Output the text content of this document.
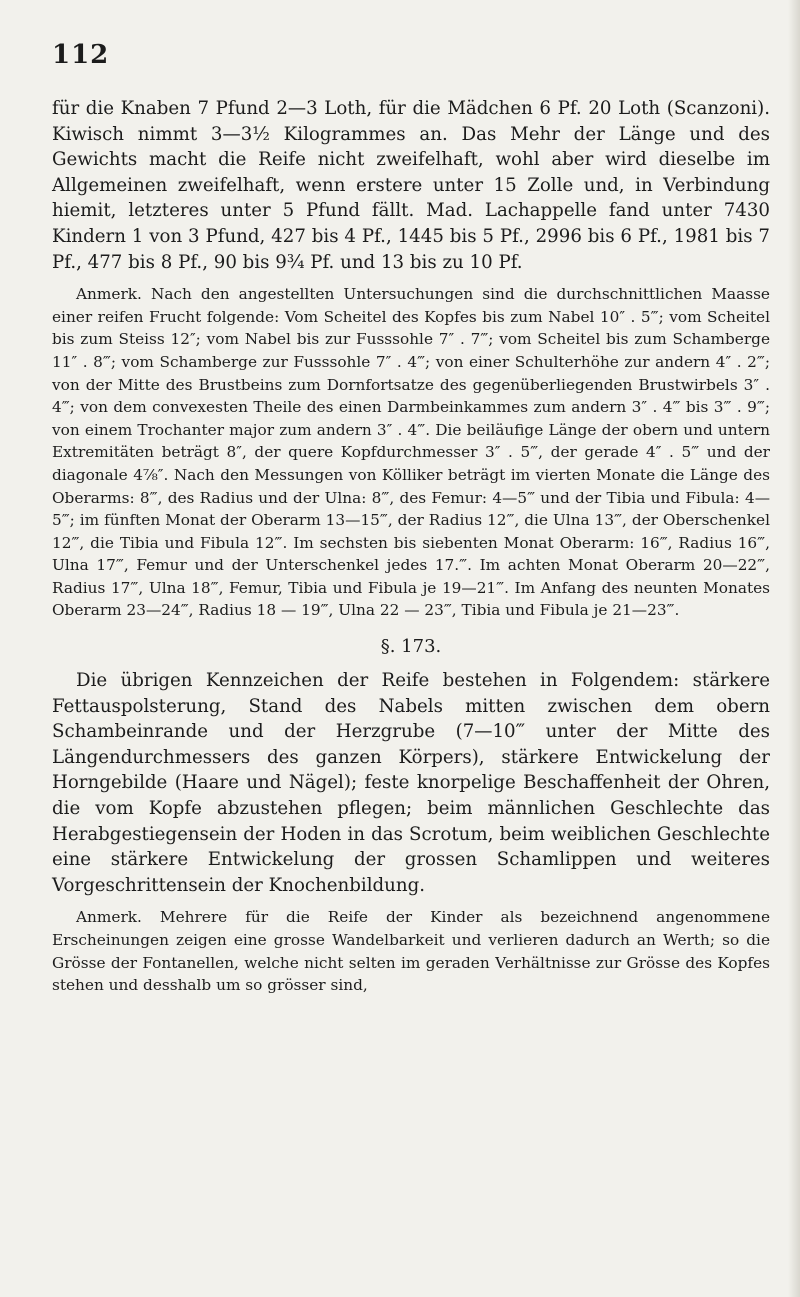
112

für die Knaben 7 Pfund 2—3 Loth, für die Mädchen 6 Pf. 20 Loth (Scanzoni). Kiwisch nimmt 3—3½ Kilogrammes an. Das Mehr der Länge und des Gewichts macht die Reife nicht zweifelhaft, wohl aber wird dieselbe im Allgemeinen zweifelhaft, wenn erstere unter 15 Zolle und, in Verbindung hiemit, letzteres unter 5 Pfund fällt. Mad. Lachappelle fand unter 7430 Kindern 1 von 3 Pfund, 427 bis 4 Pf., 1445 bis 5 Pf., 2996 bis 6 Pf., 1981 bis 7 Pf., 477 bis 8 Pf., 90 bis 9¾ Pf. und 13 bis zu 10 Pf.

Anmerk. Nach den angestellten Untersuchungen sind die durchschnittlichen Maasse einer reifen Frucht folgende: Vom Scheitel des Kopfes bis zum Nabel 10″ . 5‴; vom Scheitel bis zum Steiss 12″; vom Nabel bis zur Fusssohle 7″ . 7‴; vom Scheitel bis zum Schamberge 11″ . 8‴; vom Schamberge zur Fusssohle 7″ . 4‴; von einer Schulterhöhe zur andern 4″ . 2‴; von der Mitte des Brustbeins zum Dornfortsatze des gegenüberliegenden Brustwirbels 3″ . 4‴; von dem convexesten Theile des einen Darmbeinkammes zum andern 3″ . 4‴ bis 3‴ . 9‴; von einem Trochanter major zum andern 3″ . 4‴. Die beiläufige Länge der obern und untern Extremitäten beträgt 8″, der quere Kopfdurchmesser 3″ . 5‴, der gerade 4″ . 5‴ und der diagonale 4⅞″. Nach den Messungen von Kölliker beträgt im vierten Monate die Länge des Oberarms: 8‴, des Radius und der Ulna: 8‴, des Femur: 4—5‴ und der Tibia und Fibula: 4—5‴; im fünften Monat der Oberarm 13—15‴, der Radius 12‴, die Ulna 13‴, der Oberschenkel 12‴, die Tibia und Fibula 12‴. Im sechsten bis siebenten Monat Oberarm: 16‴, Radius 16‴, Ulna 17‴, Femur und der Unterschenkel jedes 17.‴. Im achten Monat Oberarm 20—22‴, Radius 17‴, Ulna 18‴, Femur, Tibia und Fibula je 19—21‴. Im Anfang des neunten Monates Oberarm 23—24‴, Radius 18 — 19‴, Ulna 22 — 23‴, Tibia und Fibula je 21—23‴.

§. 173.

Die übrigen Kennzeichen der Reife bestehen in Folgendem: stärkere Fettauspolsterung, Stand des Nabels mitten zwischen dem obern Schambeinrande und der Herzgrube (7—10‴ unter der Mitte des Längendurchmessers des ganzen Körpers), stärkere Entwickelung der Horngebilde (Haare und Nägel); feste knorpelige Beschaffenheit der Ohren, die vom Kopfe abzustehen pflegen; beim männlichen Geschlechte das Herabgestiegensein der Hoden in das Scrotum, beim weiblichen Geschlechte eine stärkere Entwickelung der grossen Schamlippen und weiteres Vorgeschrittensein der Knochenbildung.

Anmerk. Mehrere für die Reife der Kinder als bezeichnend angenommene Erscheinungen zeigen eine grosse Wandelbarkeit und verlieren dadurch an Werth; so die Grösse der Fontanellen, welche nicht selten im geraden Verhältnisse zur Grösse des Kopfes stehen und desshalb um so grösser sind,
